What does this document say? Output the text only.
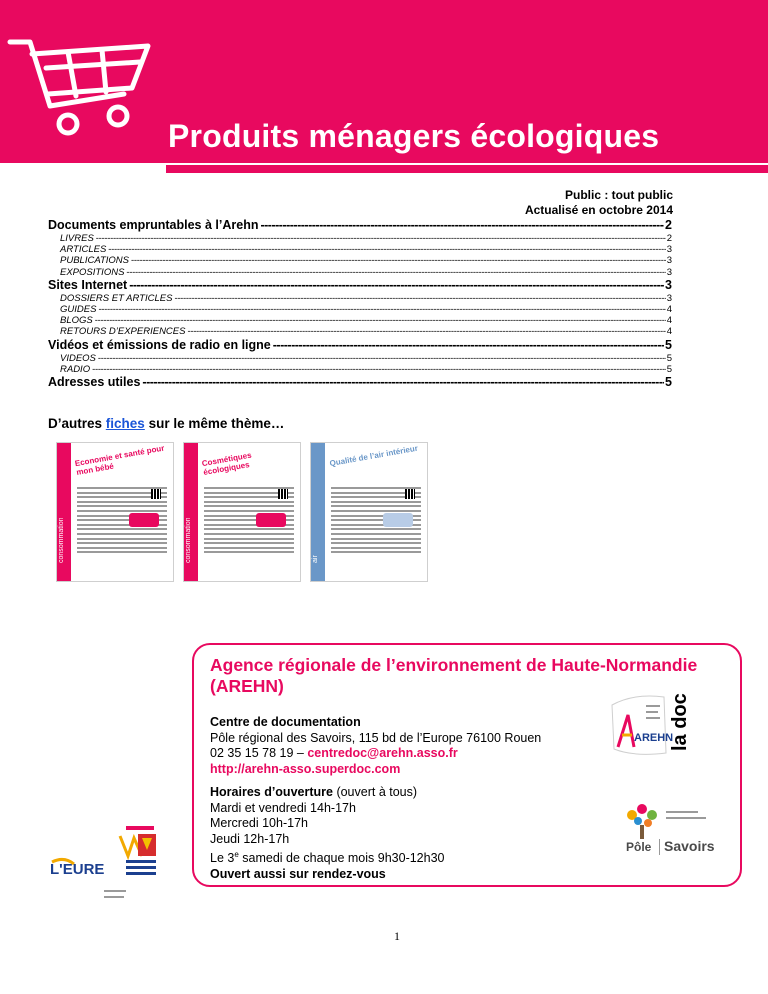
Produits ménagers écologiques
Public : tout public
Actualisé en octobre 2014
Documents empruntables à l’Arehn -----	2
LIVRES -----	2
ARTICLES -----	3
PUBLICATIONS -----	3
EXPOSITIONS -----	3
Sites Internet -----	3
DOSSIERS ET ARTICLES -----	3
GUIDES -----	4
BLOGS -----	4
RETOURS D’EXPERIENCES -----	4
Vidéos et émissions de radio en ligne -----	5
VIDEOS -----	5
RADIO -----	5
Adresses utiles -----	5
D’autres fiches sur le même thème…
consommation
Economie et santé pour mon bébé
consommation
Cosmétiques écologiques
air
Qualité de l’air intérieur
Agence régionale de l’environnement de Haute-Normandie (AREHN)
Centre de documentation
Pôle régional des Savoirs, 115 bd de l’Europe 76100 Rouen
02 35 15 78 19 – centredoc@arehn.asso.fr
http://arehn-asso.superdoc.com
Horaires d’ouverture (ouvert à tous)
Mardi et vendredi 14h-17h
Mercredi 10h-17h
Jeudi 12h-17h
Le 3e samedi de chaque mois 9h30-12h30
Ouvert aussi sur rendez-vous
AREHN
la doc
Pôle Savoirs
L'EURE
1
